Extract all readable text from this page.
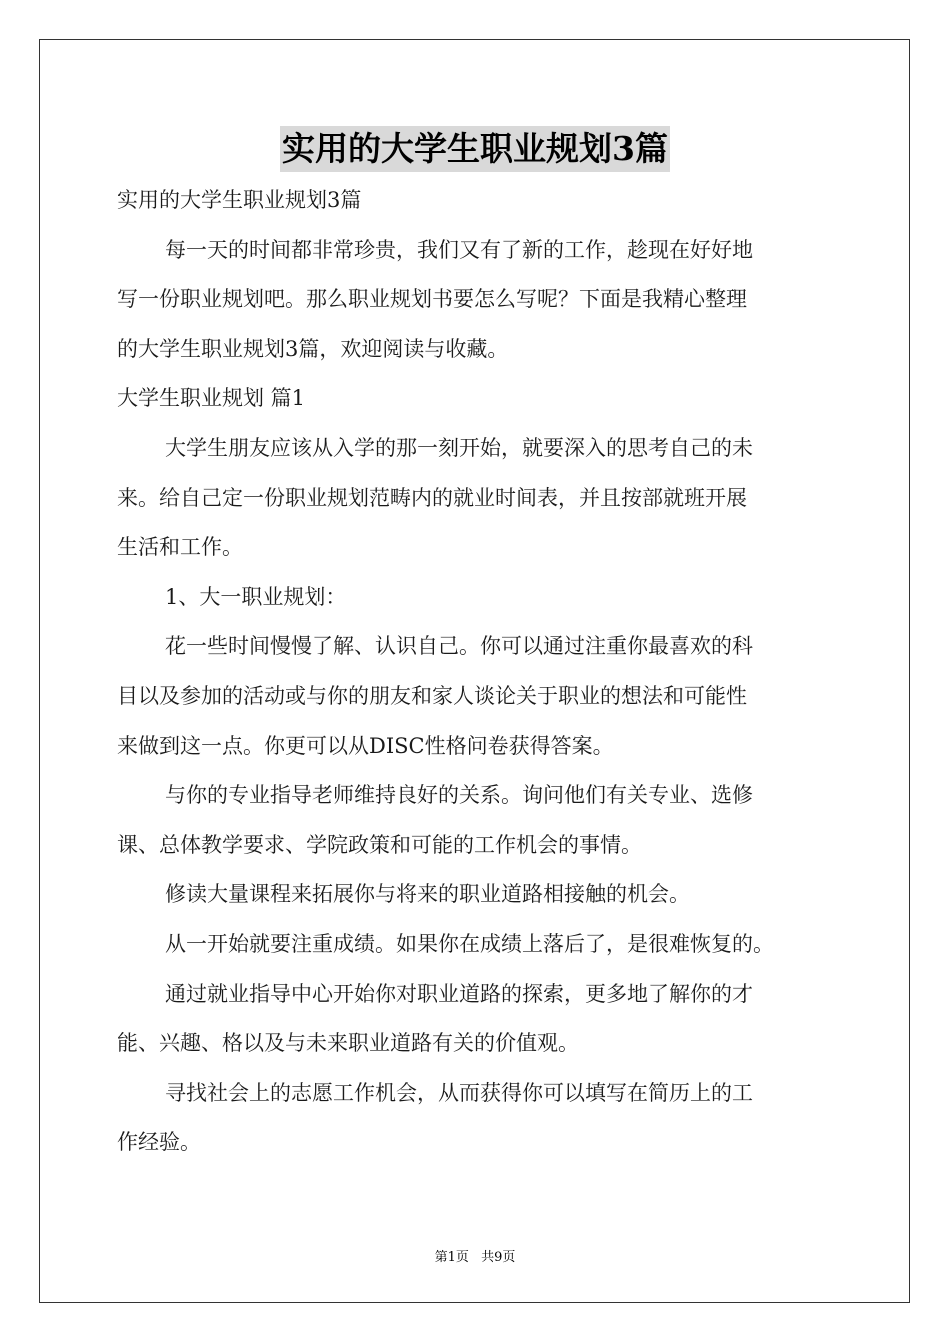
实用的大学生职业规划3篇
实用的大学生职业规划3篇
每一天的时间都非常珍贵，我们又有了新的工作，趁现在好好地
写一份职业规划吧。那么职业规划书要怎么写呢？下面是我精心整理
的大学生职业规划3篇，欢迎阅读与收藏。
大学生职业规划 篇1
大学生朋友应该从入学的那一刻开始，就要深入的思考自己的未
来。给自己定一份职业规划范畴内的就业时间表，并且按部就班开展
生活和工作。
1、大一职业规划：
花一些时间慢慢了解、认识自己。你可以通过注重你最喜欢的科
目以及参加的活动或与你的朋友和家人谈论关于职业的想法和可能性
来做到这一点。你更可以从DISC性格问卷获得答案。
与你的专业指导老师维持良好的关系。询问他们有关专业、选修
课、总体教学要求、学院政策和可能的工作机会的事情。
修读大量课程来拓展你与将来的职业道路相接触的机会。
从一开始就要注重成绩。如果你在成绩上落后了，是很难恢复的。
通过就业指导中心开始你对职业道路的探索，更多地了解你的才
能、兴趣、格以及与未来职业道路有关的价值观。
寻找社会上的志愿工作机会，从而获得你可以填写在简历上的工
作经验。
第1页 共9页
